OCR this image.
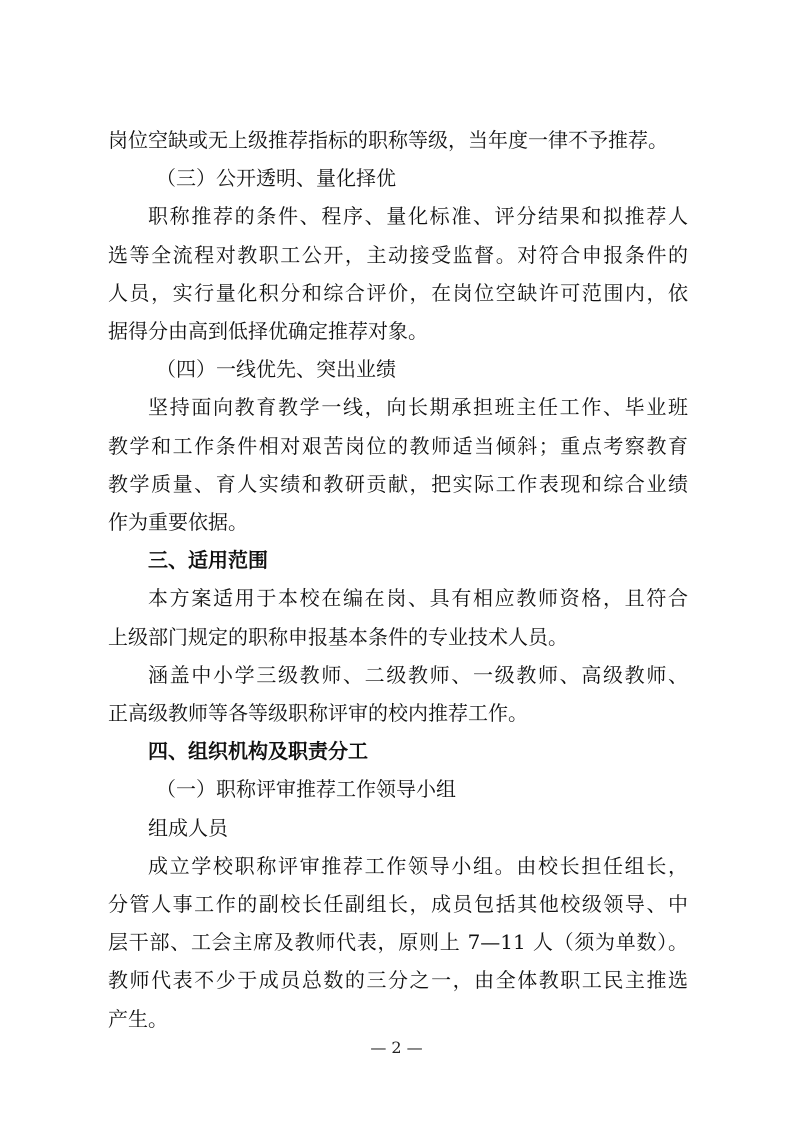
岗位空缺或无上级推荐指标的职称等级，当年度一律不予推荐。
（三）公开透明、量化择优
职称推荐的条件、程序、量化标准、评分结果和拟推荐人
选等全流程对教职工公开，主动接受监督。对符合申报条件的
人员，实行量化积分和综合评价，在岗位空缺许可范围内，依
据得分由高到低择优确定推荐对象。
（四）一线优先、突出业绩
坚持面向教育教学一线，向长期承担班主任工作、毕业班
教学和工作条件相对艰苦岗位的教师适当倾斜；重点考察教育
教学质量、育人实绩和教研贡献，把实际工作表现和综合业绩
作为重要依据。
三、适用范围
本方案适用于本校在编在岗、具有相应教师资格，且符合
上级部门规定的职称申报基本条件的专业技术人员。
涵盖中小学三级教师、二级教师、一级教师、高级教师、
正高级教师等各等级职称评审的校内推荐工作。
四、组织机构及职责分工
（一）职称评审推荐工作领导小组
组成人员
成立学校职称评审推荐工作领导小组。由校长担任组长，
分管人事工作的副校长任副组长，成员包括其他校级领导、中
层干部、工会主席及教师代表，原则上 7—11 人（须为单数）。
教师代表不少于成员总数的三分之一，由全体教职工民主推选
产生。
— 2 —
